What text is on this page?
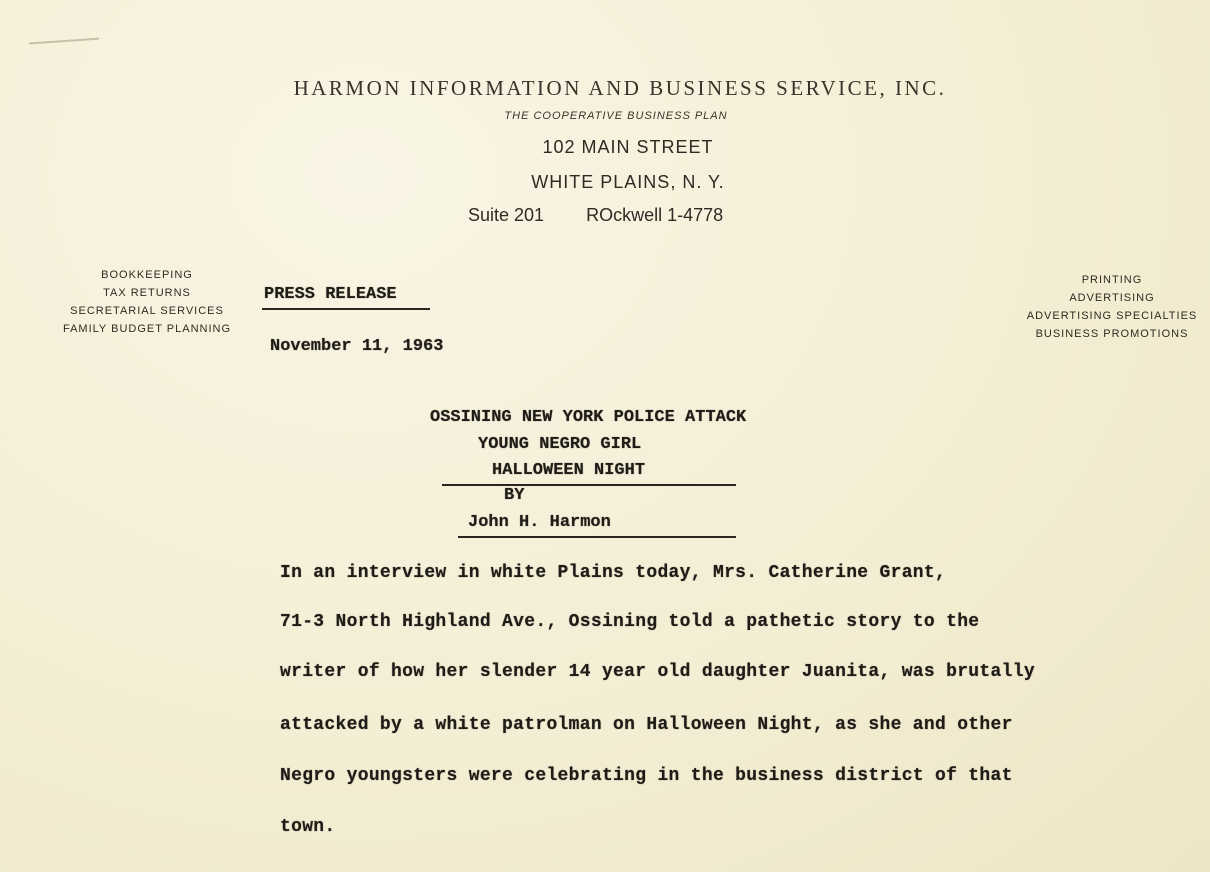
HARMON INFORMATION AND BUSINESS SERVICE, INC.
THE COOPERATIVE BUSINESS PLAN
102 MAIN STREET
WHITE PLAINS, N. Y.
Suite 201 ROckwell 1-4778
BOOKKEEPING
TAX RETURNS
SECRETARIAL SERVICES
FAMILY BUDGET PLANNING
PRINTING
ADVERTISING
ADVERTISING SPECIALTIES
BUSINESS PROMOTIONS
PRESS RELEASE
November 11, 1963
OSSINING NEW YORK POLICE ATTACK
YOUNG NEGRO GIRL
HALLOWEEN NIGHT
BY
John H. Harmon
In an interview in white Plains today, Mrs. Catherine Grant,
71-3 North Highland Ave., Ossining told a pathetic story to the
writer of how her slender 14 year old daughter Juanita, was brutally
attacked by a white patrolman on Halloween Night, as she and other
Negro youngsters were celebrating in the business district of that
town.
